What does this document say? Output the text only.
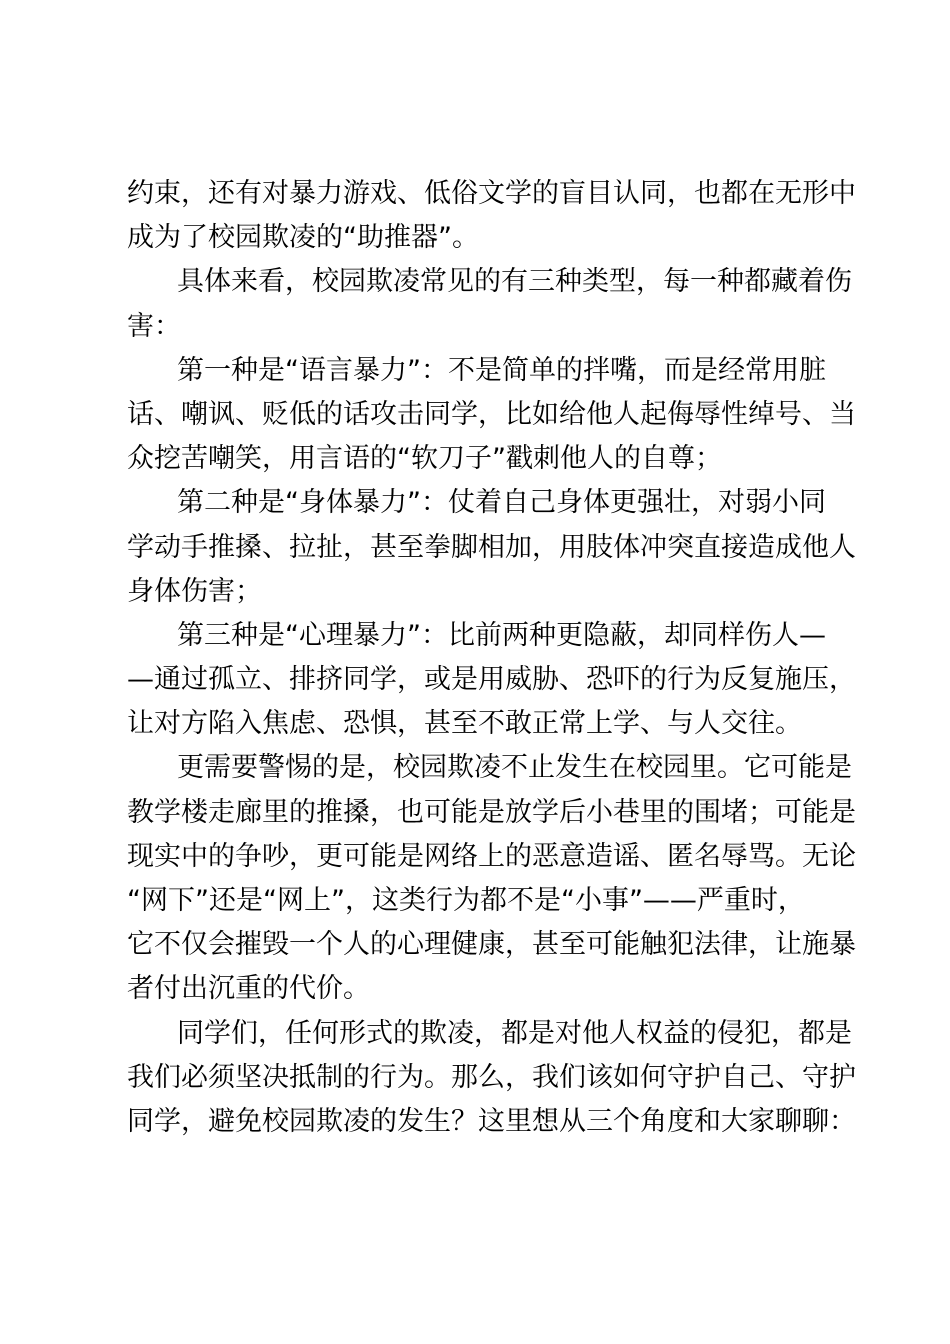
约束，还有对暴力游戏、低俗文学的盲目认同，也都在无形中
成为了校园欺凌的“助推器”。
具体来看，校园欺凌常见的有三种类型，每一种都藏着伤
害：
第一种是“语言暴力”：不是简单的拌嘴，而是经常用脏
话、嘲讽、贬低的话攻击同学，比如给他人起侮辱性绰号、当
众挖苦嘲笑，用言语的“软刀子”戳刺他人的自尊；
第二种是“身体暴力”：仗着自己身体更强壮，对弱小同
学动手推搡、拉扯，甚至拳脚相加，用肢体冲突直接造成他人
身体伤害；
第三种是“心理暴力”：比前两种更隐蔽，却同样伤人—
—通过孤立、排挤同学，或是用威胁、恐吓的行为反复施压，
让对方陷入焦虑、恐惧，甚至不敢正常上学、与人交往。
更需要警惕的是，校园欺凌不止发生在校园里。它可能是
教学楼走廊里的推搡，也可能是放学后小巷里的围堵；可能是
现实中的争吵，更可能是网络上的恶意造谣、匿名辱骂。无论
“网下”还是“网上”，这类行为都不是“小事”——严重时，
它不仅会摧毁一个人的心理健康，甚至可能触犯法律，让施暴
者付出沉重的代价。
同学们，任何形式的欺凌，都是对他人权益的侵犯，都是
我们必须坚决抵制的行为。那么，我们该如何守护自己、守护
同学，避免校园欺凌的发生？这里想从三个角度和大家聊聊：
